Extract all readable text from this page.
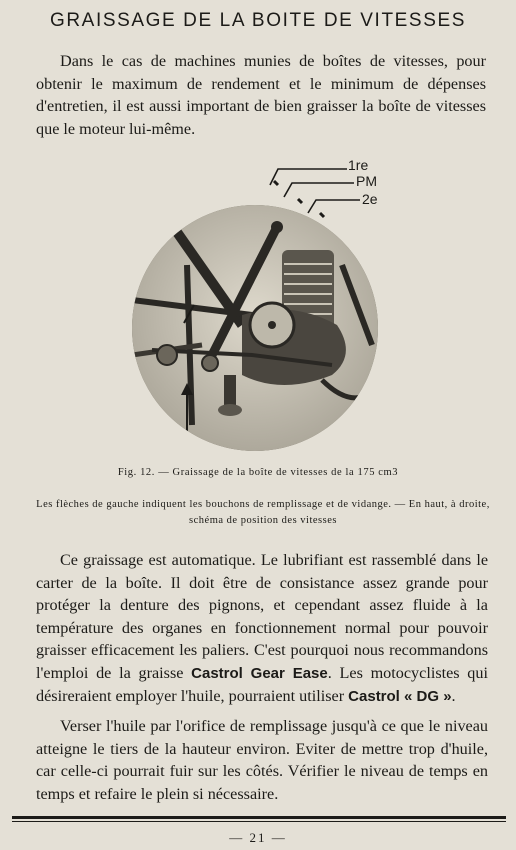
GRAISSAGE DE LA BOITE DE VITESSES

Dans le cas de machines munies de boîtes de vitesses, pour obtenir le maximum de rendement et le minimum de dépenses d'entretien, il est aussi important de bien graisser la boîte de vitesses que le moteur lui-même.

1re
PM
2e
Fig. 12. — Graissage de la boîte de vitesses de la 175 cm3
Les flèches de gauche indiquent les bouchons de remplissage et de vidange. — En haut, à droite, schéma de position des vitesses

Ce graissage est automatique. Le lubrifiant est rassemblé dans le carter de la boîte. Il doit être de consistance assez grande pour protéger la denture des pignons, et cependant assez fluide à la température des organes en fonctionnement normal pour pouvoir graisser efficacement les paliers. C'est pourquoi nous recommandons l'emploi de la graisse Castrol Gear Ease. Les motocyclistes qui désireraient employer l'huile, pourraient utiliser Castrol « DG ».

Verser l'huile par l'orifice de remplissage jusqu'à ce que le niveau atteigne le tiers de la hauteur environ. Eviter de mettre trop d'huile, car celle-ci pourrait fuir sur les côtés. Vérifier le niveau de temps en temps et refaire le plein si nécessaire.

— 21 —
